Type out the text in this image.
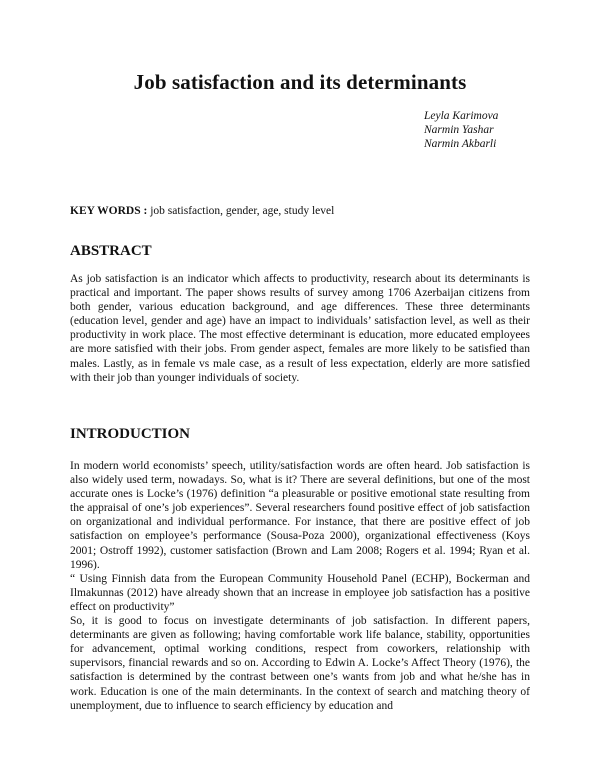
Job satisfaction and its determinants
Leyla Karimova
Narmin Yashar
Narmin Akbarli
KEY WORDS : job satisfaction, gender, age, study level
ABSTRACT

As job satisfaction is an indicator which affects to productivity, research about its determinants is practical and important. The paper shows results of survey among 1706 Azerbaijan citizens from both gender, various education background, and age differences. These three determinants (education level, gender and age) have an impact to individuals’ satisfaction level, as well as their productivity in work place. The most effective determinant is education, more educated employees are more satisfied with their jobs. From gender aspect, females are more likely to be satisfied than males. Lastly, as in female vs male case, as a result of less expectation, elderly are more satisfied with their job than younger individuals of society.

INTRODUCTION

In modern world economists’ speech, utility/satisfaction words are often heard. Job satisfaction is also widely used term, nowadays. So, what is it? There are several definitions, but one of the most accurate ones is Locke’s (1976) definition “a pleasurable or positive emotional state resulting from the appraisal of one’s job experiences”. Several researchers found positive effect of job satisfaction on organizational and individual performance. For instance, that there are positive effect of job satisfaction on employee’s performance (Sousa-Poza 2000), organizational effectiveness (Koys 2001; Ostroff 1992), customer satisfaction (Brown and Lam 2008; Rogers et al. 1994; Ryan et al. 1996).

“ Using Finnish data from the European Community Household Panel (ECHP), Bockerman and Ilmakunnas (2012) have already shown that an increase in employee job satisfaction has a positive effect on productivity”

So, it is good to focus on investigate determinants of job satisfaction. In different papers, determinants are given as following; having comfortable work life balance, stability, opportunities for advancement, optimal working conditions, respect from coworkers, relationship with supervisors, financial rewards and so on. According to Edwin A. Locke’s Affect Theory (1976), the satisfaction is determined by the contrast between one’s wants from job and what he/she has in work. Education is one of the main determinants. In the context of search and matching theory of unemployment, due to influence to search efficiency by education and
